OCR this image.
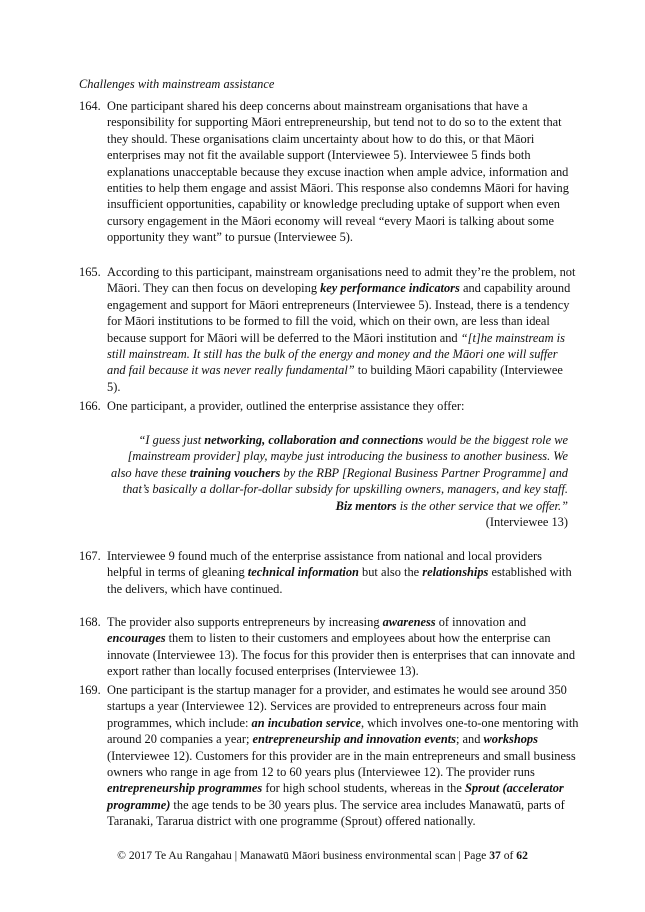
Challenges with mainstream assistance
164. One participant shared his deep concerns about mainstream organisations that have a responsibility for supporting Māori entrepreneurship, but tend not to do so to the extent that they should. These organisations claim uncertainty about how to do this, or that Māori enterprises may not fit the available support (Interviewee 5). Interviewee 5 finds both explanations unacceptable because they excuse inaction when ample advice, information and entities to help them engage and assist Māori. This response also condemns Māori for having insufficient opportunities, capability or knowledge precluding uptake of support when even cursory engagement in the Māori economy will reveal “every Maori is talking about some opportunity they want” to pursue (Interviewee 5).
165. According to this participant, mainstream organisations need to admit they’re the problem, not Māori. They can then focus on developing key performance indicators and capability around engagement and support for Māori entrepreneurs (Interviewee 5). Instead, there is a tendency for Māori institutions to be formed to fill the void, which on their own, are less than ideal because support for Māori will be deferred to the Māori institution and “[t]he mainstream is still mainstream. It still has the bulk of the energy and money and the Māori one will suffer and fail because it was never really fundamental” to building Māori capability (Interviewee 5).
166. One participant, a provider, outlined the enterprise assistance they offer:
“I guess just networking, collaboration and connections would be the biggest role we [mainstream provider] play, maybe just introducing the business to another business. We also have these training vouchers by the RBP [Regional Business Partner Programme] and that’s basically a dollar-for-dollar subsidy for upskilling owners, managers, and key staff. Biz mentors is the other service that we offer.”
(Interviewee 13)
167. Interviewee 9 found much of the enterprise assistance from national and local providers helpful in terms of gleaning technical information but also the relationships established with the delivers, which have continued.
168. The provider also supports entrepreneurs by increasing awareness of innovation and encourages them to listen to their customers and employees about how the enterprise can innovate (Interviewee 13). The focus for this provider then is enterprises that can innovate and export rather than locally focused enterprises (Interviewee 13).
169. One participant is the startup manager for a provider, and estimates he would see around 350 startups a year (Interviewee 12). Services are provided to entrepreneurs across four main programmes, which include: an incubation service, which involves one-to-one mentoring with around 20 companies a year; entrepreneurship and innovation events; and workshops (Interviewee 12). Customers for this provider are in the main entrepreneurs and small business owners who range in age from 12 to 60 years plus (Interviewee 12). The provider runs entrepreneurship programmes for high school students, whereas in the Sprout (accelerator programme) the age tends to be 30 years plus. The service area includes Manawatū, parts of Taranaki, Tararua district with one programme (Sprout) offered nationally.
© 2017 Te Au Rangahau | Manawatū Māori business environmental scan | Page 37 of 62
